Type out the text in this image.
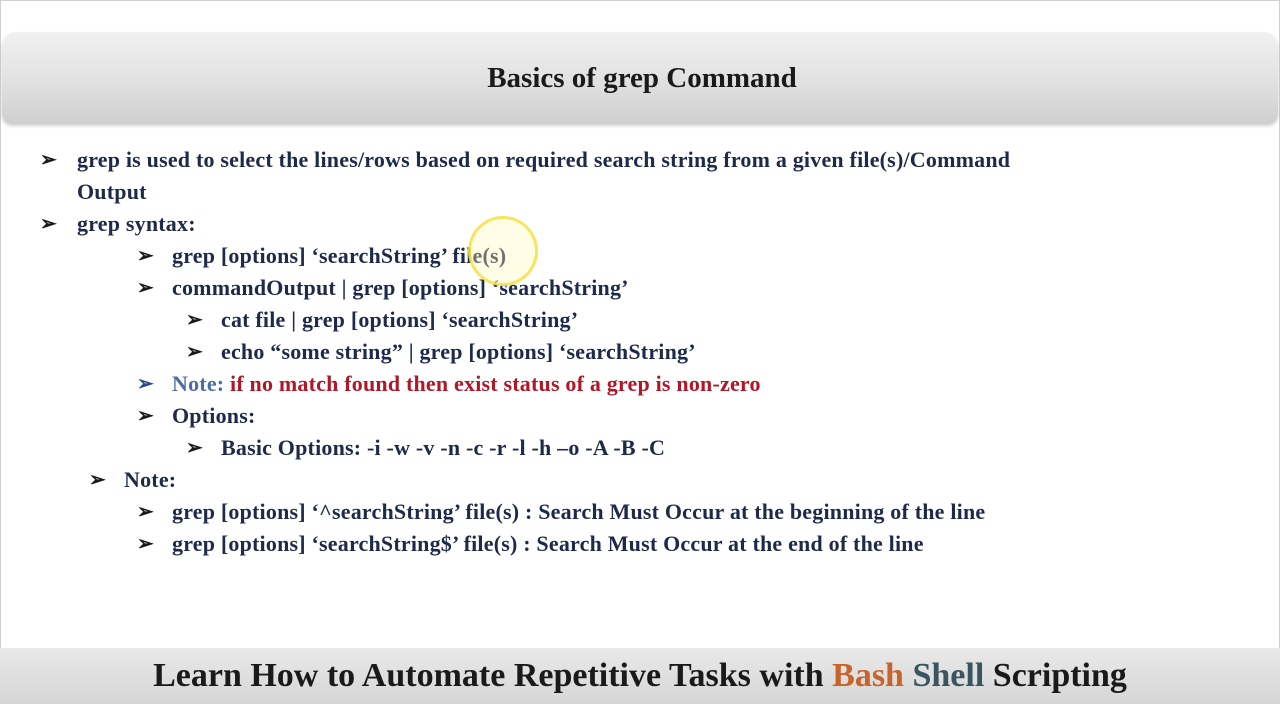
Basics of grep Command
➢ grep is used to select the lines/rows based on required search string from a given file(s)/Command
Output
➢ grep syntax:
➢ grep [options] ‘searchString’ file(s)
➢ commandOutput | grep [options] ‘searchString’
➢ cat file | grep [options] ‘searchString’
➢ echo “some string” | grep [options] ‘searchString’
➢ Note: if no match found then exist status of a grep is non-zero
➢ Options:
➢ Basic Options: -i -w -v -n -c -r -l -h –o -A -B -C
➢ Note:
➢ grep [options] ‘^searchString’ file(s) : Search Must Occur at the beginning of the line
➢ grep [options] ‘searchString$’ file(s) : Search Must Occur at the end of the line
Learn How to Automate Repetitive Tasks with Bash Shell Scripting
